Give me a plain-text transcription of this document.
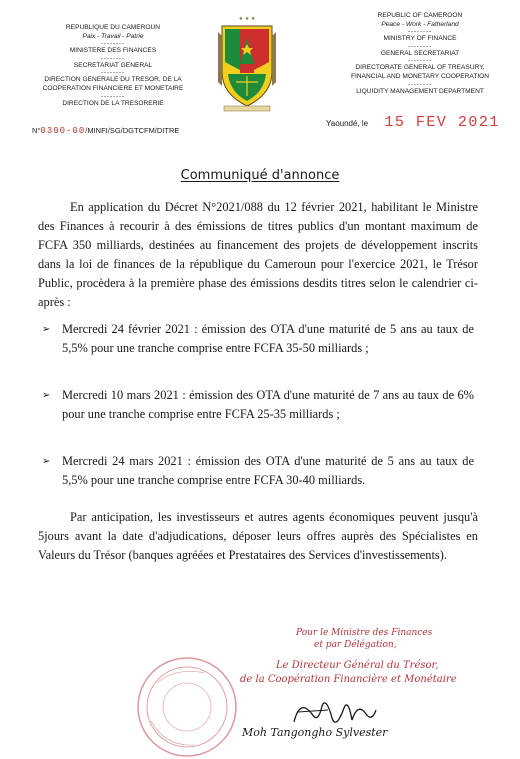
REPUBLIQUE DU CAMEROUN
Paix - Travail - Patrie
--------
MINISTERE DES FINANCES
--------
SECRETARIAT GENERAL
--------
DIRECTION GENERALE DU TRESOR, DE LA
COOPERATION FINANCIERE ET MONETAIRE
--------
DIRECTION DE LA TRESORERIE
N°0300-00/MINFI/SG/DGTCFM/DITRE
★ ★ ★	REPUBLIC OF CAMEROON
Peace - Work - Fatherland
--------
MINISTRY OF FINANCE
--------
GENERAL SECRETARIAT
--------
DIRECTORATE GENERAL OF TREASURY,
FINANCIAL AND MONETARY COOPERATION
--------
LIQUIDITY MANAGEMENT DEPARTMENT
Yaoundé, le 15 FEV 2021
Communiqué d'annonce

En application du Décret N°2021/088 du 12 février 2021, habilitant le Ministre des Finances à recourir à des émissions de titres publics d'un montant maximum de FCFA 350 milliards, destinées au financement des projets de développement inscrits dans la loi de finances de la république du Cameroun pour l'exercice 2021, le Trésor Public, procèdera à la première phase des émissions desdits titres selon le calendrier ci-après :

➢ Mercredi 24 février 2021 : émission des OTA d'une maturité de 5 ans au taux de 5,5% pour une tranche comprise entre FCFA 35-50 milliards ;
➢ Mercredi 10 mars 2021 : émission des OTA d'une maturité de 7 ans au taux de 6% pour une tranche comprise entre FCFA 25-35 milliards ;
➢ Mercredi 24 mars 2021 : émission des OTA d'une maturité de 5 ans au taux de 5,5% pour une tranche comprise entre FCFA 30-40 milliards.

Par anticipation, les investisseurs et autres agents économiques peuvent jusqu'à 5jours avant la date d'adjudications, déposer leurs offres auprès des Spécialistes en Valeurs du Trésor (banques agréées et Prestataires des Services d'investissements).

Pour le Ministre des Finances
et par Délégation,
Le Directeur Général du Trésor,
de la Coopération Financière et Monétaire
Moh Tangongho Sylvester
